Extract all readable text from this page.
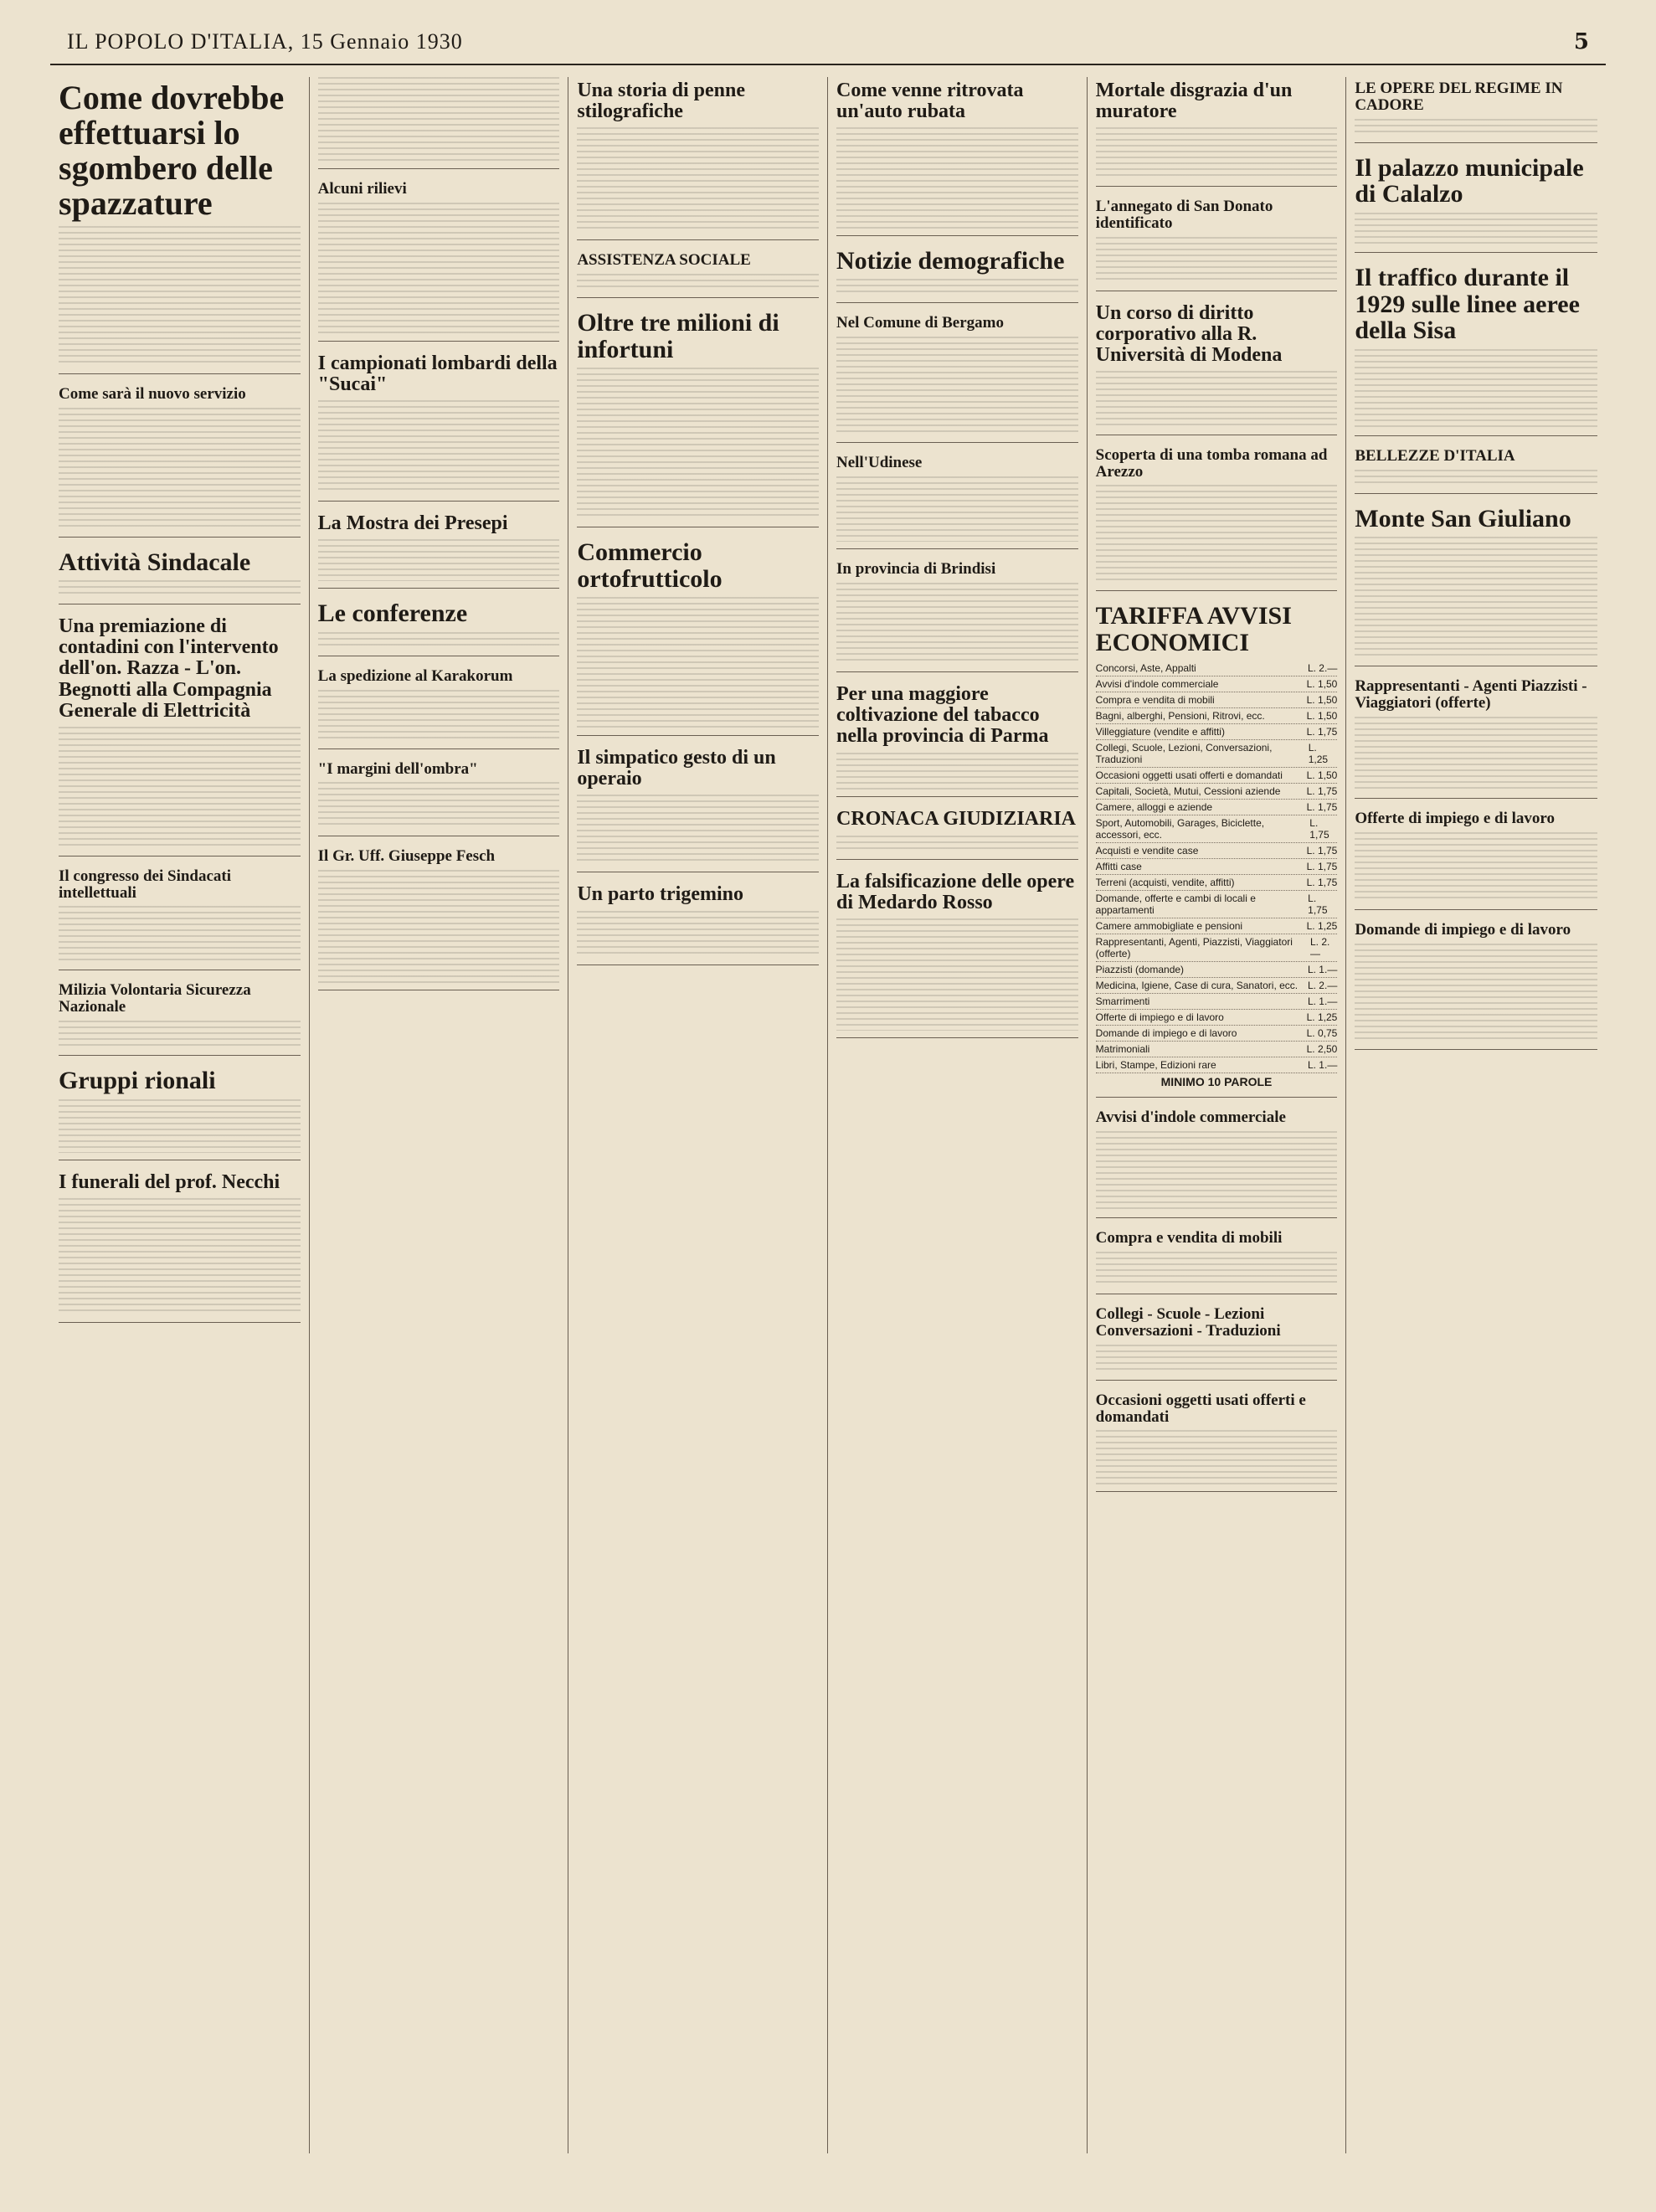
IL POPOLO D'ITALIA, 15 Gennaio 1930	5
Come dovrebbe effettuarsi lo sgombero delle spazzature
Come sarà il nuovo servizio
Attività Sindacale
Una premiazione di contadini con l'intervento dell'on. Razza - L'on. Begnotti alla Compagnia Generale di Elettricità
Il congresso dei Sindacati intellettuali
Milizia Volontaria Sicurezza Nazionale
Gruppi rionali
I funerali del prof. Necchi
Alcuni rilievi
I campionati lombardi della "Sucai"
La Mostra dei Presepi
Le conferenze
La spedizione al Karakorum
"I margini dell'ombra"
Il Gr. Uff. Giuseppe Fesch
Una storia di penne stilografiche
ASSISTENZA SOCIALE
Oltre tre milioni di infortuni
Commercio ortofrutticolo
Il simpatico gesto di un operaio
Un parto trigemino
Come venne ritrovata un'auto rubata
Notizie demografiche
Nel Comune di Bergamo
Nell'Udinese
In provincia di Brindisi
Per una maggiore coltivazione del tabacco nella provincia di Parma
CRONACA GIUDIZIARIA
La falsificazione delle opere di Medardo Rosso
Mortale disgrazia d'un muratore
L'annegato di San Donato identificato
Un corso di diritto corporativo alla R. Università di Modena
Scoperta di una tomba romana ad Arezzo
TARIFFA AVVISI ECONOMICI
Concorsi, Aste, Appalti	L. 2.—
Avvisi d'indole commerciale	L. 1,50
Compra e vendita di mobili	L. 1,50
Bagni, alberghi, Pensioni, Ritrovi, ecc.	L. 1,50
Villeggiature (vendite e affitti)	L. 1,75
Collegi, Scuole, Lezioni, Conversazioni, Traduzioni
L. 1,25
Occasioni oggetti usati offerti e domandati L. 1,50
Capitali, Società, Mutui, Cessioni aziende	L. 1,75
Camere, alloggi e aziende	L. 1,75
Sport, Automobili, Garages, Biciclette, accessori, ecc.
L. 1,75
Acquisti e vendite case	L. 1,75
Affitti case	L. 1,75
Terreni (acquisti, vendite, affitti)	L. 1,75
Domande, offerte e cambi di locali e appartamenti
L. 1,75
Camere ammobigliate e pensioni	L. 1,25
Rappresentanti, Agenti, Piazzisti, Viaggiatori (offerte)
L. 2.—
Piazzisti (domande)	L. 1.—
Medicina, Igiene, Case di cura, Sanatori, ecc. L. 2.—
Smarrimenti	L. 1.—
Offerte di impiego e di lavoro	L. 1,25
Domande di impiego e di lavoro	L. 0,75
Matrimoniali	L. 2,50
Libri, Stampe, Edizioni rare	L. 1.—
MINIMO 10 PAROLE
Avvisi d'indole commerciale
Compra e vendita di mobili
Collegi - Scuole - Lezioni Conversazioni - Traduzioni
Occasioni oggetti usati offerti e domandati
LE OPERE DEL REGIME IN CADORE
Il palazzo municipale di Calalzo
Il traffico durante il 1929 sulle linee aeree della Sisa
BELLEZZE D'ITALIA
Monte San Giuliano
Rappresentanti - Agenti Piazzisti - Viaggiatori (offerte)
Offerte di impiego e di lavoro
Domande di impiego e di lavoro
